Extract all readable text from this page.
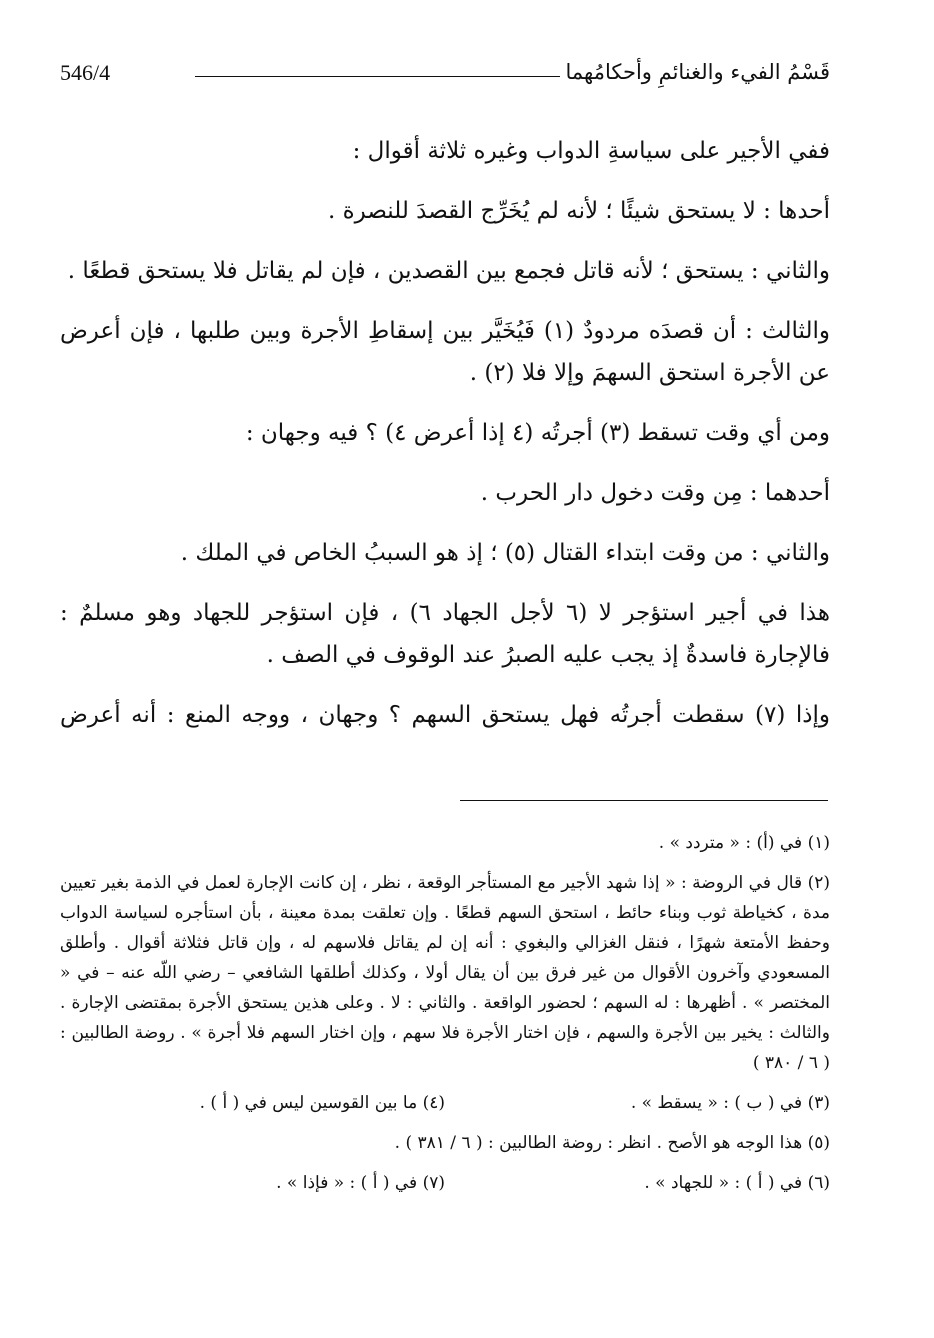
546/4	قَسْمُ الفيء والغنائمِ وأحكامُهما

ففي الأجير على سياسةِ الدواب وغيره ثلاثة أقوال :

أحدها : لا يستحق شيئًا ؛ لأنه لم يُخَرِّج القصدَ للنصرة .

والثاني : يستحق ؛ لأنه قاتل فجمع بين القصدين ، فإن لم يقاتل فلا يستحق قطعًا .

والثالث : أن قصدَه مردودٌ (١) فَيُخَيَّر بين إسقاطِ الأجرة وبين طلبها ، فإن أعرض عن الأجرة استحق السهمَ وإلا فلا (٢) .

ومن أي وقت تسقط (٣) أجرتُه (٤ إذا أعرض ٤) ؟ فيه وجهان :

أحدهما : مِن وقت دخول دار الحرب .

والثاني : من وقت ابتداء القتال (٥) ؛ إذ هو السببُ الخاص في الملك .

هذا في أجير استؤجر لا (٦ لأجل الجهاد ٦) ، فإن استؤجر للجهاد وهو مسلمٌ : فالإجارة فاسدةٌ إذ يجب عليه الصبرُ عند الوقوف في الصف .

وإذا (٧) سقطت أجرتُه فهل يستحق السهم ؟ وجهان ، ووجه المنع : أنه أعرض

(١) في (أ) : « متردد » .

(٢) قال في الروضة : « إذا شهد الأجير مع المستأجر الوقعة ، نظر ، إن كانت الإجارة لعمل في الذمة بغير تعيين مدة ، كخياطة ثوب وبناء حائط ، استحق السهم قطعًا . وإن تعلقت بمدة معينة ، بأن استأجره لسياسة الدواب وحفظ الأمتعة شهرًا ، فنقل الغزالي والبغوي : أنه إن لم يقاتل فلاسهم له ، وإن قاتل فثلاثة أقوال . وأطلق المسعودي وآخرون الأقوال من غير فرق بين أن يقال أولا ، وكذلك أطلقها الشافعي – رضي اللّه عنه – في « المختصر » . أظهرها : له السهم ؛ لحضور الواقعة . والثاني : لا . وعلى هذين يستحق الأجرة بمقتضى الإجارة . والثالث : يخير بين الأجرة والسهم ، فإن اختار الأجرة فلا سهم ، وإن اختار السهم فلا أجرة » . روضة الطالبين : ( ٦ / ٣٨٠ )

(٣) في ( ب ) : « يسقط » .
(٤) ما بين القوسين ليس في ( أ ) .

(٥) هذا الوجه هو الأصح . انظر : روضة الطالبين : ( ٦ / ٣٨١ ) .

(٦) في ( أ ) : « للجهاد » .
(٧) في ( أ ) : « فإذا » .
